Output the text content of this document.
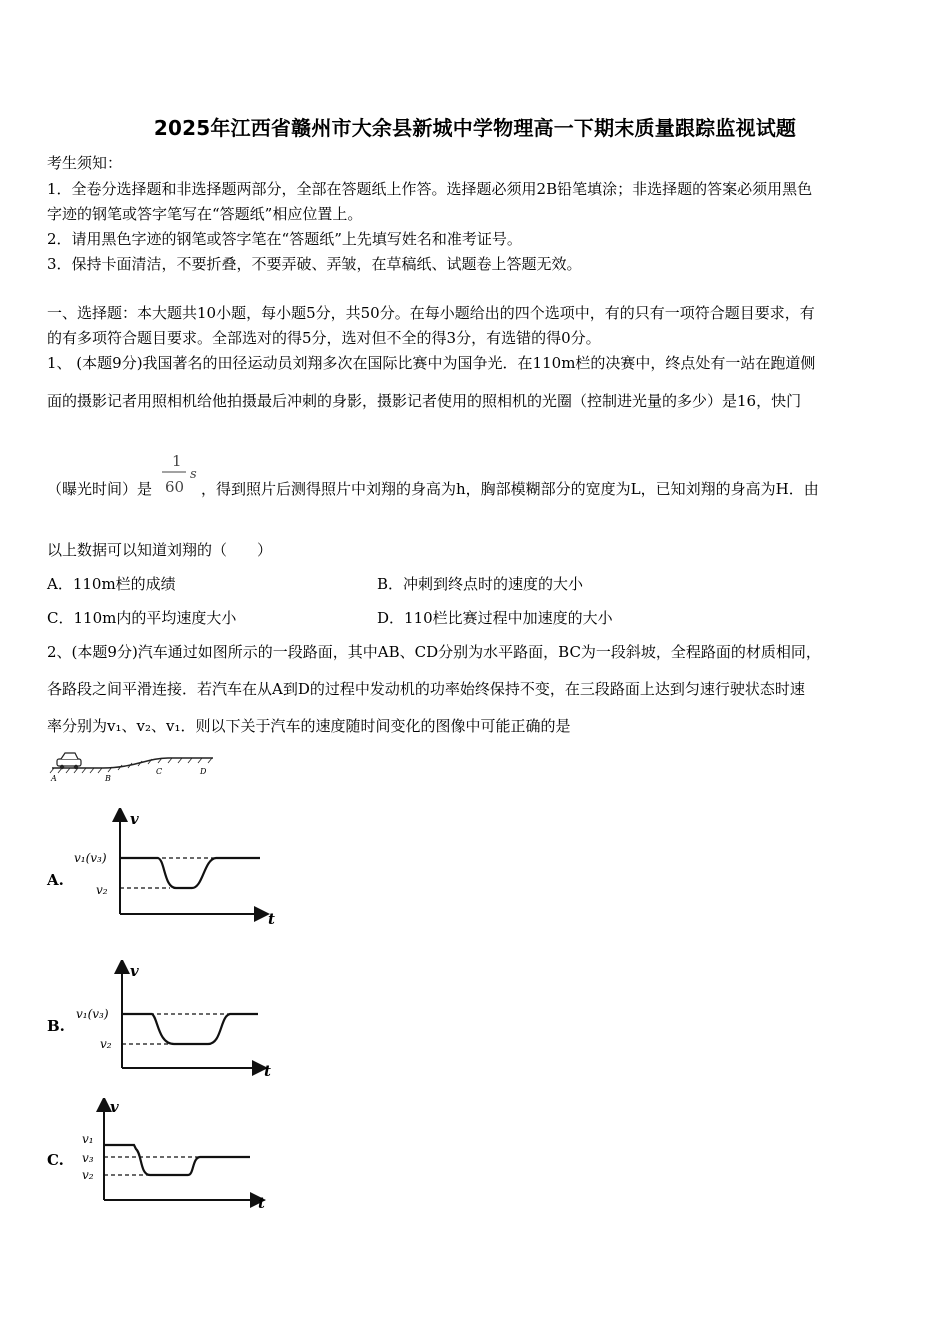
2025年江西省赣州市大余县新城中学物理高一下期末质量跟踪监视试题
考生须知：
1．全卷分选择题和非选择题两部分，全部在答题纸上作答。选择题必须用2B铅笔填涂；非选择题的答案必须用黑色
字迹的钢笔或答字笔写在“答题纸”相应位置上。
2．请用黑色字迹的钢笔或答字笔在“答题纸”上先填写姓名和准考证号。
3．保持卡面清洁，不要折叠，不要弄破、弄皱，在草稿纸、试题卷上答题无效。
一、选择题：本大题共10小题，每小题5分，共50分。在每小题给出的四个选项中，有的只有一项符合题目要求，有
的有多项符合题目要求。全部选对的得5分，选对但不全的得3分，有选错的得0分。
1、 (本题9分)我国著名的田径运动员刘翔多次在国际比赛中为国争光．在110m栏的决赛中，终点处有一站在跑道侧
面的摄影记者用照相机给他拍摄最后冲刺的身影，摄影记者使用的照相机的光圈（控制进光量的多少）是16，快门
（曝光时间）是
1
60
s
，得到照片后测得照片中刘翔的身高为h，胸部模糊部分的宽度为L，已知刘翔的身高为H．由
以上数据可以知道刘翔的（　　）
A．110m栏的成绩	B．冲刺到终点时的速度的大小
C．110m内的平均速度大小	D．110栏比赛过程中加速度的大小
2、(本题9分)汽车通过如图所示的一段路面，其中AB、CD分别为水平路面，BC为一段斜坡，全程路面的材质相同，
各路段之间平滑连接．若汽车在从A到D的过程中发动机的功率始终保持不变，在三段路面上达到匀速行驶状态时速
率分别为v₁、v₂、v₁．则以下关于汽车的速度随时间变化的图像中可能正确的是
A	B
C	D
A.
v
t
v₁(v₃)
v₂
B.
v
t
v₁(v₃)
v₂
C.
v
t
v₁
v₃
v₂
